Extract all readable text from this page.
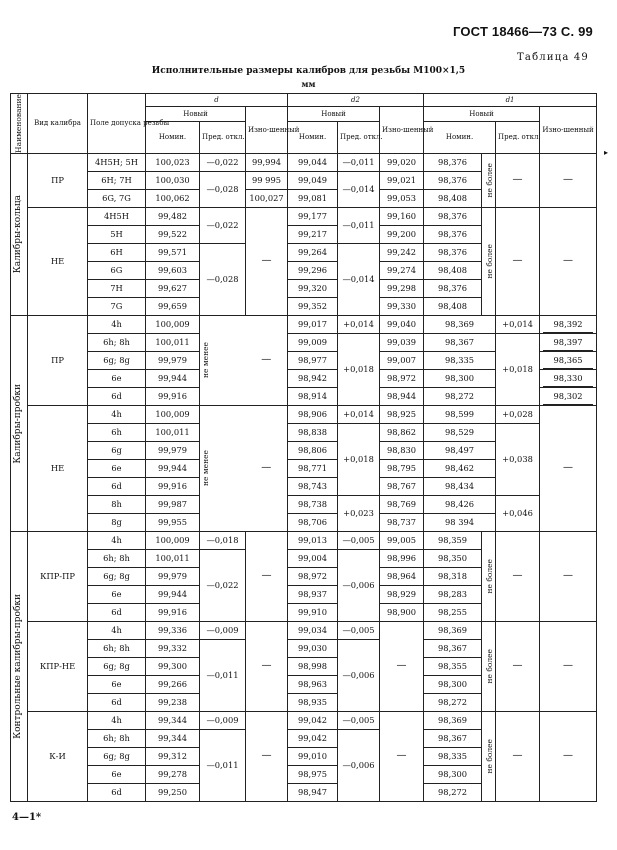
ГОСТ 18466—73 С. 99
Таблица 49
Исполнительные размеры калибров для резьбы М100×1,5
мм
▸
Наименование	Вид калибра	Поле допуска резьбы	d			d2			d1			
			Новый		Изно-шенный	Новый		Изно-шенный	Новый			Изно-шенный
			Номин.	Пред. откл.		Номин.	Пред. откл.		Номин.		Пред. откл.	

Калибры-кольца	ПР	4Н5Н; 5Н	100,023	—0,022	99,994	99,044	—0,011	99,020	98,376	не более	—	—
		6Н; 7Н	100,030	—0,028	99 995	99,049	—0,014	99,021	98,376			
		6G, 7G	100,062		100,027	99,081		99,053	98,408			
	НЕ	4Н5Н	99,482	—0,022	—	99,177	—0,011	99,160	98,376	не более	—	—
		5Н	99,522			99,217		99,200	98,376			
		6Н	99,571	—0,028		99,264	—0,014	99,242	98,376			
		6G	99,603			99,296		99,274	98,408			
		7Н	99,627			99,320		99,298	98,376			
		7G	99,659			99,352		99,330	98,408			

Калибры-пробки	ПР	4h	100,009	не менее	—	99,017	+0,014	99,040	98,369		+0,014	98,392

		6h; 8h	100,011			99,009	+0,018	99,039	98,367		+0,018	98,397

		6g; 8g	99,979			98,977		99,007	98,335			98,365

		6е	99,944			98,942		98,972	98,300			98,330

		6d	99,916			98,914		98,944	98,272			98,302

	НЕ	4h	100,009	не менее	—	98,906	+0,014	98,925	98,599		+0,028	—
		6h	100,011			98,838	+0,018	98,862	98,529		+0,038	
		6g	99,979			98,806		98,830	98,497			
		6е	99,944			98,771		98,795	98,462			
		6d	99,916			98,743		98,767	98,434			
		8h	99,987			98,738	+0,023	98,769	98,426		+0,046	
		8g	99,955			98,706		98,737	98 394			

Контрольные калибры-пробки	КПР-ПР	4h	100,009	—0,018	—	99,013	—0,005	99,005	98,359	не более	—	—
		6h; 8h	100,011	—0,022		99,004	—0,006	98,996	98,350			
		6g; 8g	99,979			98,972		98,964	98,318			
		6е	99,944			98,937		98,929	98,283			
		6d	99,916			99,910		98,900	98,255			
	КПР-НЕ	4h	99,336	—0,009	—	99,034	—0,005	—	98,369	не более	—	—
		6h; 8h	99,332	—0,011		99,030	—0,006		98,367			
		6g; 8g	99,300			98,998			98,355			
		6е	99,266			98,963			98,300			
		6d	99,238			98,935			98,272			
	К-И	4h	99,344	—0,009	—	99,042	—0,005	—	98,369	не более	—	—
		6h; 8h	99,344	—0,011		99,042	—0,006		98,367			
		6g; 8g	99,312			99,010			98,335			
		6е	99,278			98,975			98,300			
		6d	99,250			98,947			98,272			
4—1*
